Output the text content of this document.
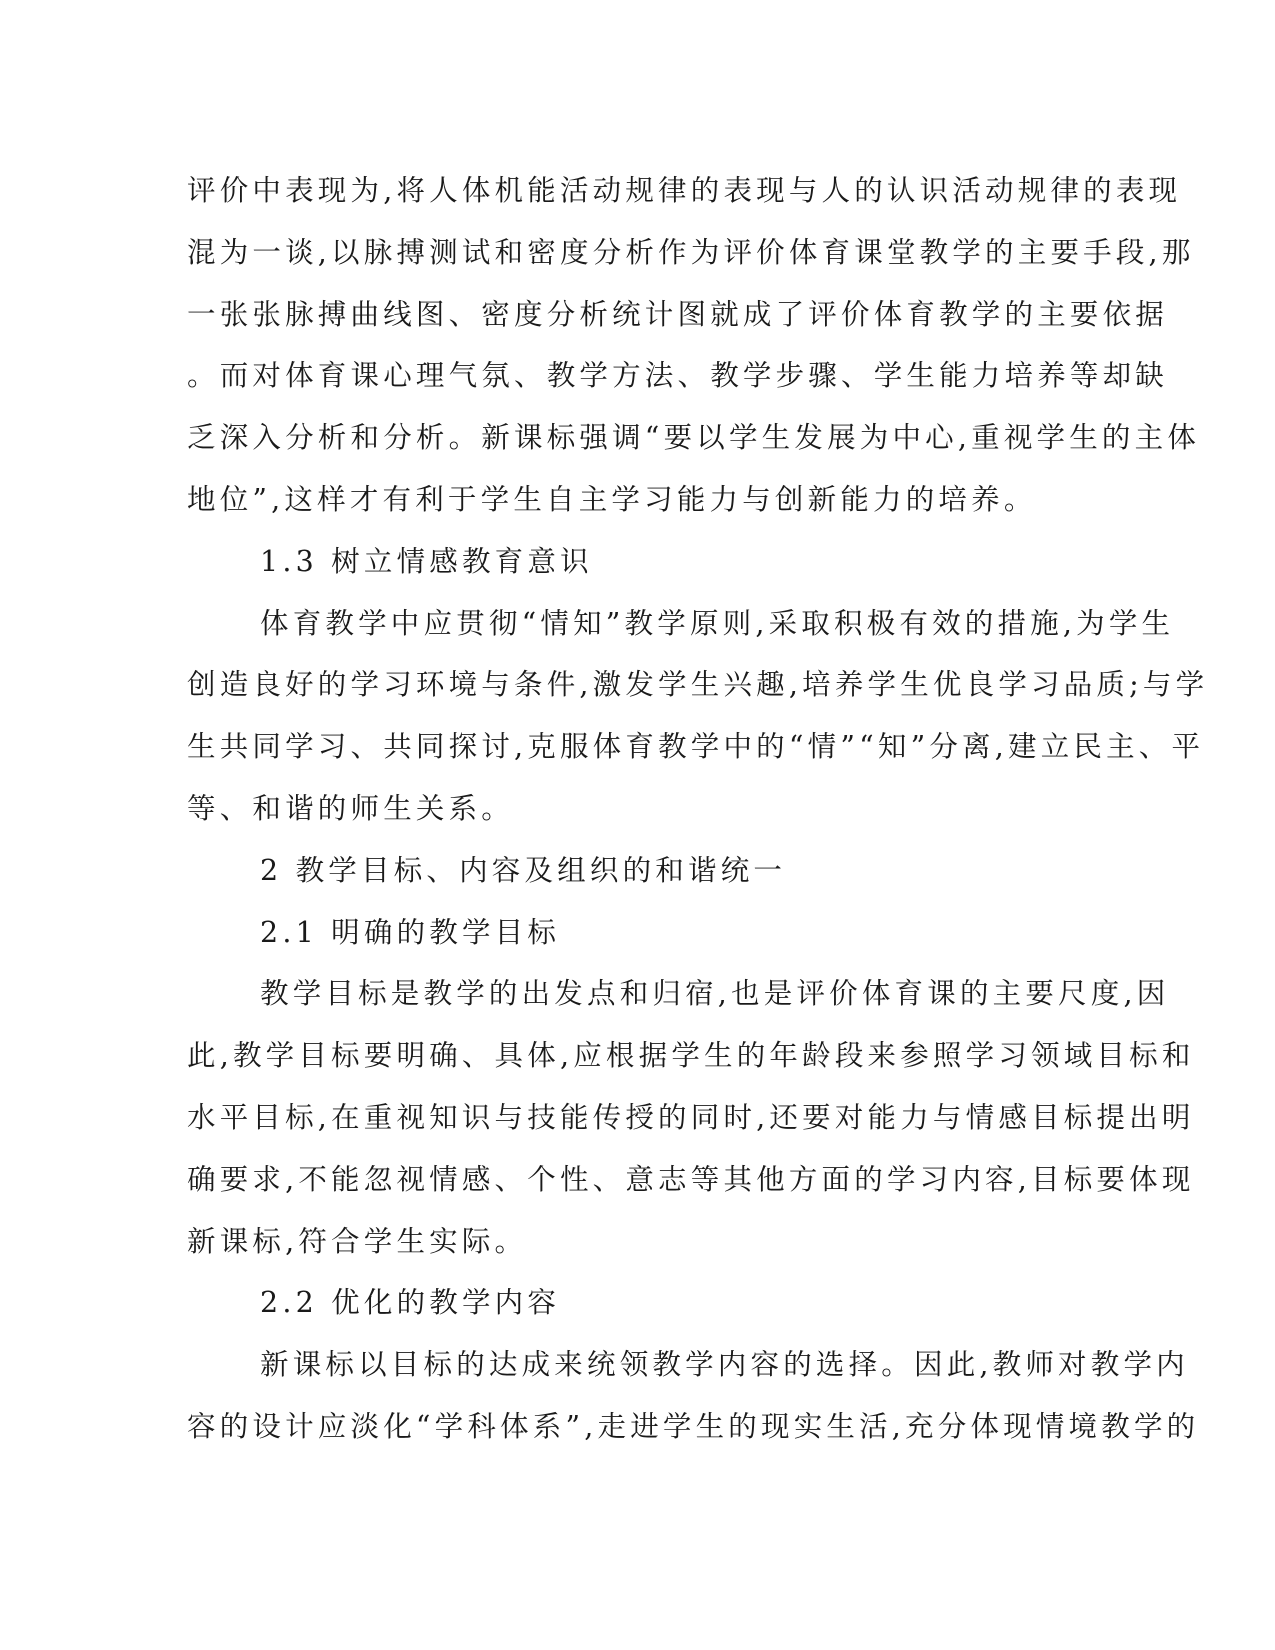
评价中表现为,将人体机能活动规律的表现与人的认识活动规律的表现
混为一谈,以脉搏测试和密度分析作为评价体育课堂教学的主要手段,那
一张张脉搏曲线图、密度分析统计图就成了评价体育教学的主要依据
。而对体育课心理气氛、教学方法、教学步骤、学生能力培养等却缺
乏深入分析和分析。新课标强调“要以学生发展为中心,重视学生的主体
地位”,这样才有利于学生自主学习能力与创新能力的培养。
1.3 树立情感教育意识
体育教学中应贯彻“情知”教学原则,采取积极有效的措施,为学生
创造良好的学习环境与条件,激发学生兴趣,培养学生优良学习品质;与学
生共同学习、共同探讨,克服体育教学中的“情”“知”分离,建立民主、平
等、和谐的师生关系。
2 教学目标、内容及组织的和谐统一
2.1 明确的教学目标
教学目标是教学的出发点和归宿,也是评价体育课的主要尺度,因
此,教学目标要明确、具体,应根据学生的年龄段来参照学习领域目标和
水平目标,在重视知识与技能传授的同时,还要对能力与情感目标提出明
确要求,不能忽视情感、个性、意志等其他方面的学习内容,目标要体现
新课标,符合学生实际。
2.2 优化的教学内容
新课标以目标的达成来统领教学内容的选择。因此,教师对教学内
容的设计应淡化“学科体系”,走进学生的现实生活,充分体现情境教学的
